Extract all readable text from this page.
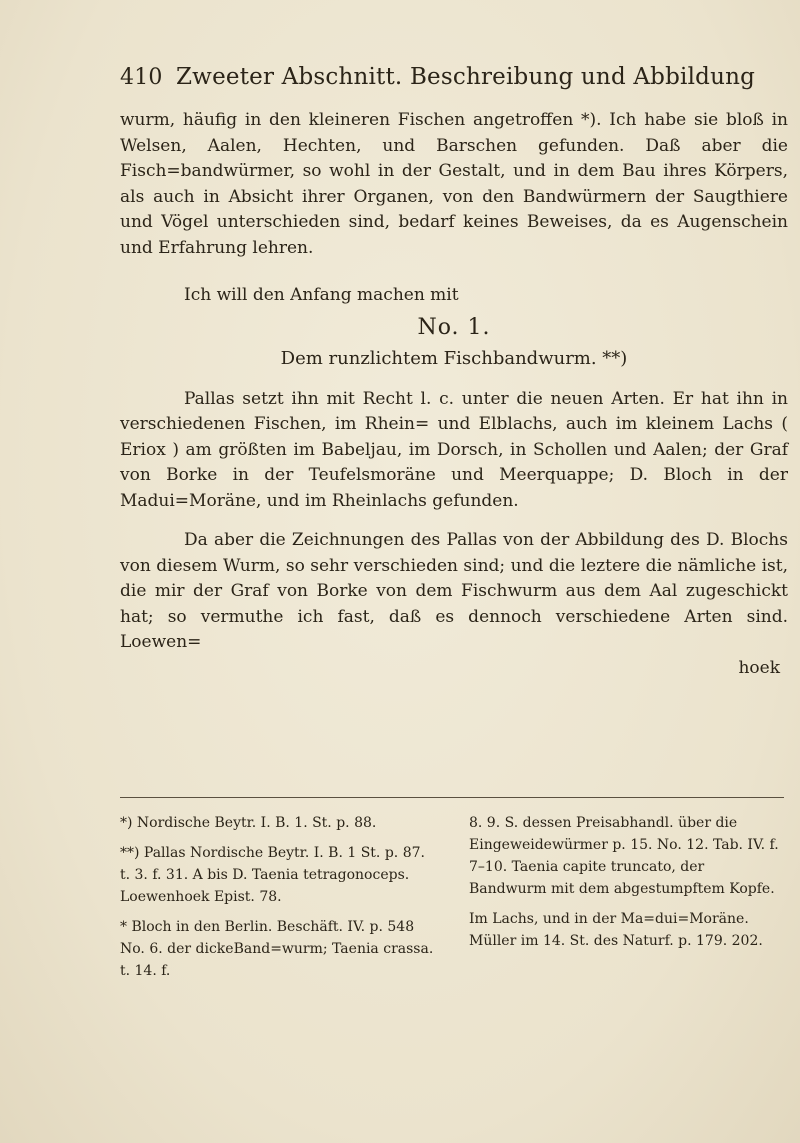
410 Zweeter Abschnitt. Beschreibung und Abbildung

wurm, häufig in den kleineren Fischen angetroffen *). Ich habe sie bloß in Welsen, Aalen, Hechten, und Barschen gefunden. Daß aber die Fisch=bandwürmer, so wohl in der Gestalt, und in dem Bau ihres Körpers, als auch in Absicht ihrer Organen, von den Bandwürmern der Saugthiere und Vögel unterschieden sind, bedarf keines Beweises, da es Augenschein und Erfahrung lehren.

Ich will den Anfang machen mit

No. 1.
Dem runzlichtem Fischbandwurm. **)

Pallas setzt ihn mit Recht l. c. unter die neuen Arten. Er hat ihn in verschiedenen Fischen, im Rhein= und Elblachs, auch im kleinem Lachs ( Eriox ) am größten im Babeljau, im Dorsch, in Schollen und Aalen; der Graf von Borke in der Teufelsmoräne und Meerquappe; D. Bloch in der Madui=Moräne, und im Rheinlachs gefunden.

Da aber die Zeichnungen des Pallas von der Abbildung des D. Blochs von diesem Wurm, so sehr verschieden sind; und die leztere die nämliche ist, die mir der Graf von Borke von dem Fischwurm aus dem Aal zugeschickt hat; so vermuthe ich fast, daß es dennoch verschiedene Arten sind. Loewen=

hoek

*) Nordische Beytr. I. B. 1. St. p. 88.

**) Pallas Nordische Beytr. I. B. 1 St. p. 87. t. 3. f. 31. A bis D. Taenia tetragonoceps. Loewenhoek Epist. 78.

* Bloch in den Berlin. Beschäft. IV. p. 548 No. 6. der dickeBand=wurm; Taenia crassa. t. 14. f.

8. 9. S. dessen Preisabhandl. über die Eingeweidewürmer p. 15. No. 12. Tab. IV. f. 7–10. Taenia capite truncato, der Bandwurm mit dem abgestumpftem Kopfe.

Im Lachs, und in der Ma=dui=Moräne. Müller im 14. St. des Naturf. p. 179. 202.
